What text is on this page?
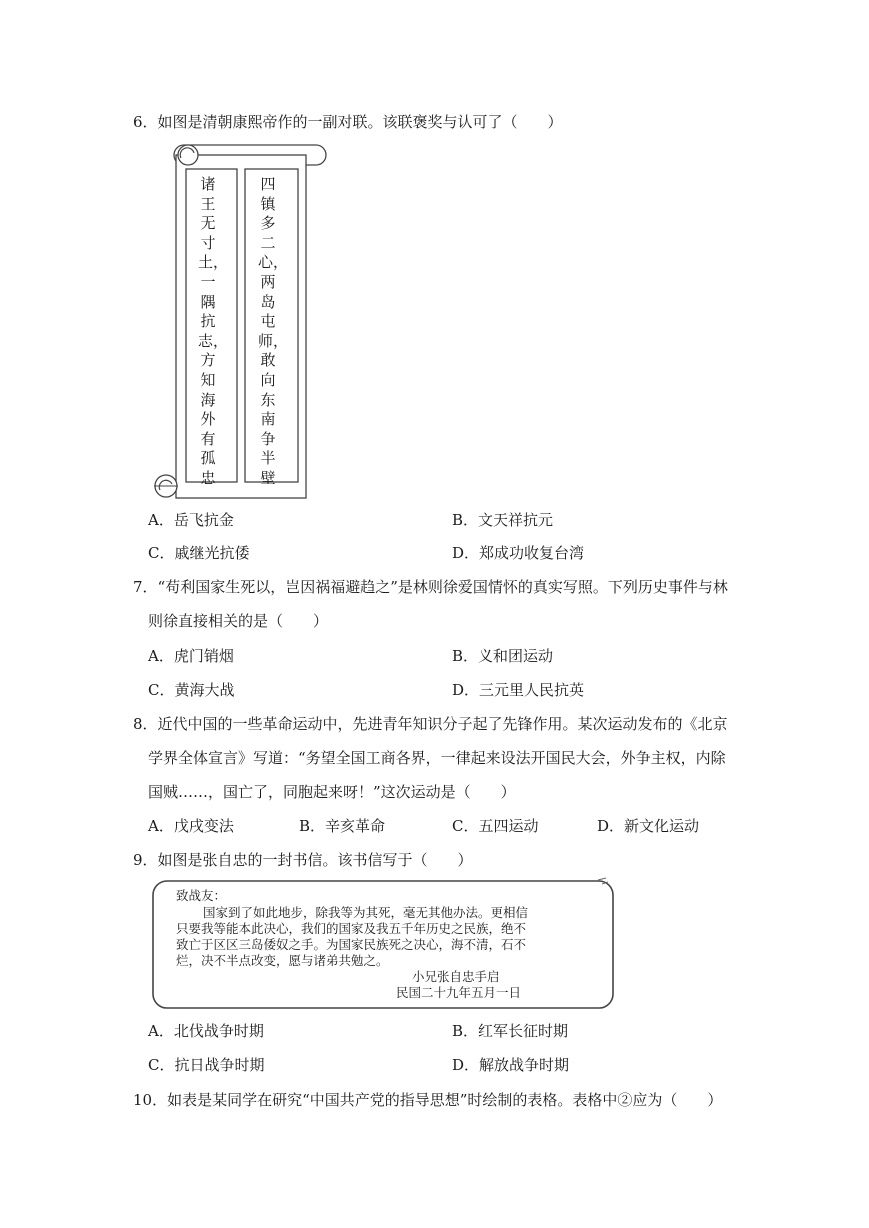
6．如图是清朝康熙帝作的一副对联。该联褒奖与认可了（　　）
诸王无寸土，一隅抗志，方知海外有孤忠
四镇多二心，两岛屯师，敢向东南争半壁
A．岳飞抗金	B．文天祥抗元
C．戚继光抗倭	D．郑成功收复台湾
7．“苟利国家生死以，岂因祸福避趋之”是林则徐爱国情怀的真实写照。下列历史事件与林
则徐直接相关的是（　　）
A．虎门销烟	B．义和团运动
C．黄海大战	D．三元里人民抗英
8．近代中国的一些革命运动中，先进青年知识分子起了先锋作用。某次运动发布的《北京
学界全体宣言》写道：“务望全国工商各界，一律起来设法开国民大会，外争主权，内除
国贼……，国亡了，同胞起来呀！”这次运动是（　　）
A．戊戌变法	B．辛亥革命	C．五四运动	D．新文化运动
9．如图是张自忠的一封书信。该书信写于（　　）
致战友：
国家到了如此地步，除我等为其死，毫无其他办法。更相信
只要我等能本此决心，我们的国家及我五千年历史之民族，绝不
致亡于区区三岛倭奴之手。为国家民族死之决心，海不清，石不
烂，决不半点改变，愿与诸弟共勉之。
小兄张自忠手启
民国二十九年五月一日
A．北伐战争时期	B．红军长征时期
C．抗日战争时期	D．解放战争时期
10．如表是某同学在研究“中国共产党的指导思想”时绘制的表格。表格中②应为（　　）
